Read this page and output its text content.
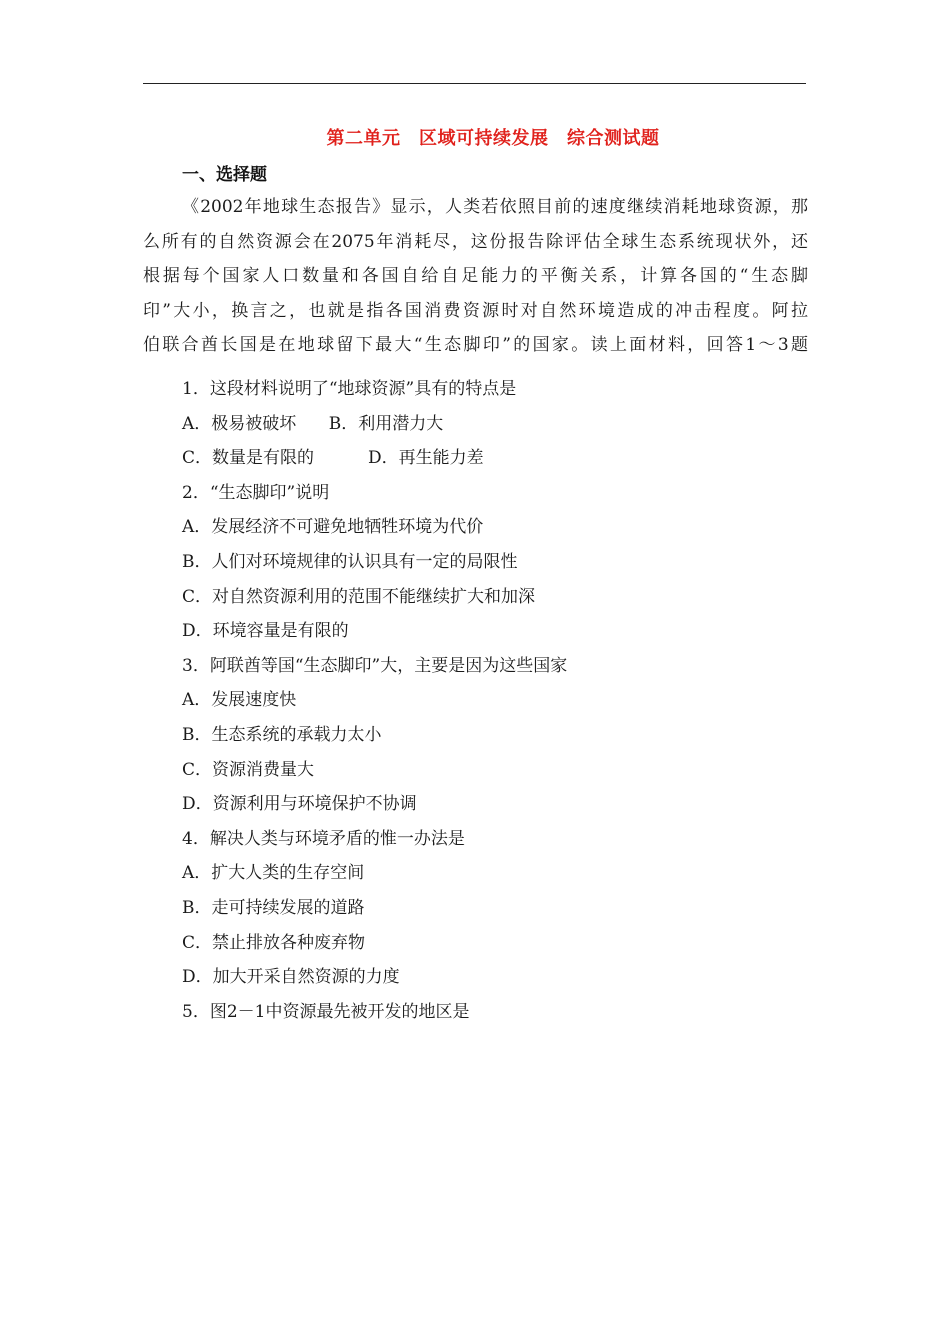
第二单元　区域可持续发展　综合测试题
一、选择题
《2002年地球生态报告》显示，人类若依照目前的速度继续消耗地球资源，那
么所有的自然资源会在2075年消耗尽，这份报告除评估全球生态系统现状外，还
根据每个国家人口数量和各国自给自足能力的平衡关系，计算各国的“生态脚
印”大小，换言之，也就是指各国消费资源时对自然环境造成的冲击程度。阿拉
伯联合酋长国是在地球留下最大“生态脚印”的国家。读上面材料，回答1～3题
1．这段材料说明了“地球资源”具有的特点是
A．极易被破坏      B．利用潜力大
C．数量是有限的          D．再生能力差
2．“生态脚印”说明
A．发展经济不可避免地牺牲环境为代价
B．人们对环境规律的认识具有一定的局限性
C．对自然资源利用的范围不能继续扩大和加深
D．环境容量是有限的
3．阿联酋等国“生态脚印”大，主要是因为这些国家
A．发展速度快
B．生态系统的承载力太小
C．资源消费量大
D．资源利用与环境保护不协调
4．解决人类与环境矛盾的惟一办法是
A．扩大人类的生存空间
B．走可持续发展的道路
C．禁止排放各种废弃物
D．加大开采自然资源的力度
5．图2－1中资源最先被开发的地区是
